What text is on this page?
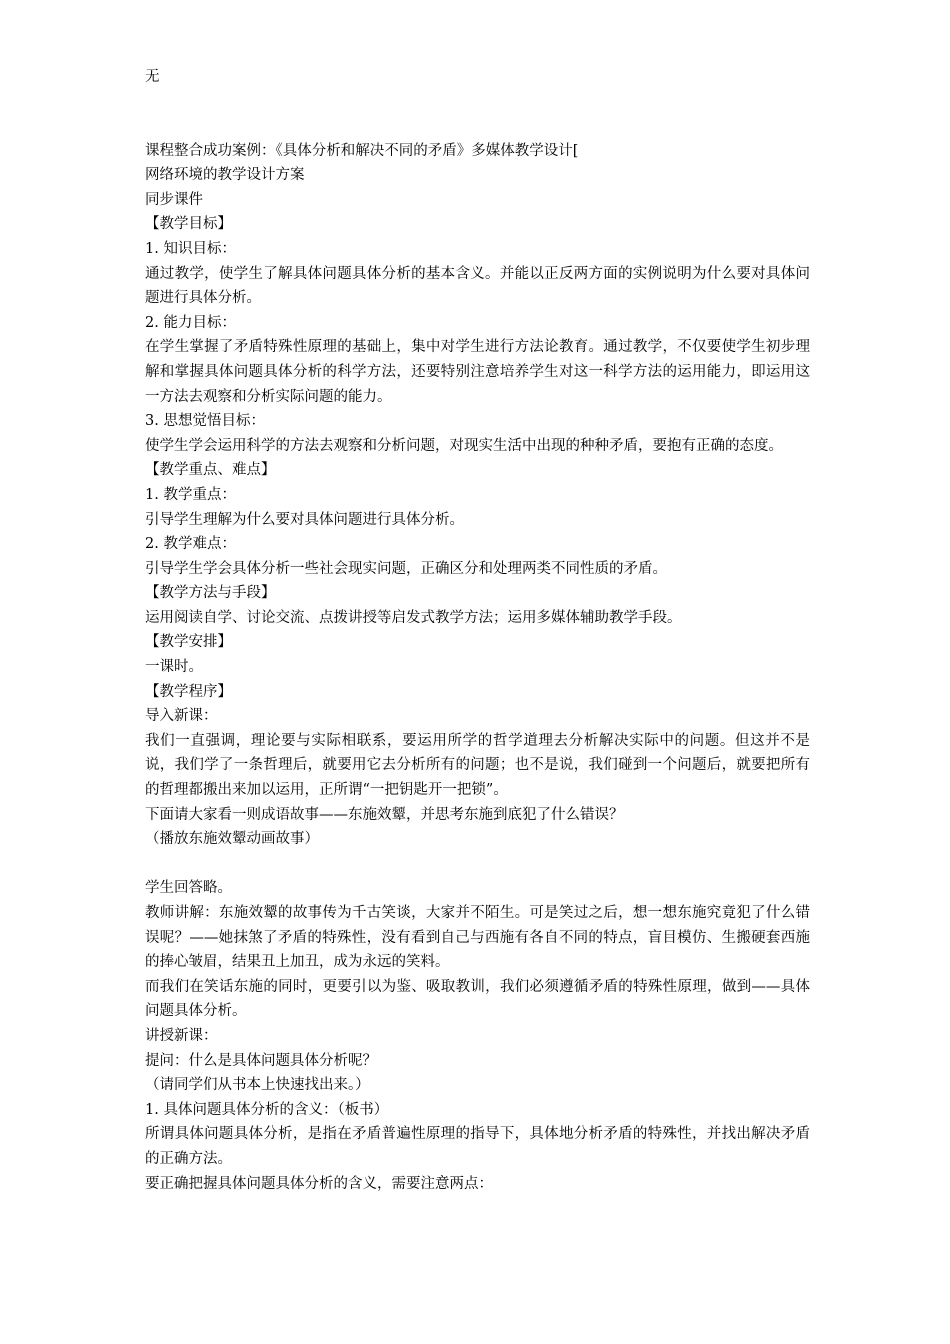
无
课程整合成功案例：《具体分析和解决不同的矛盾》多媒体教学设计[
网络环境的教学设计方案
同步课件

【教学目标】

1. 知识目标：

通过教学，使学生了解具体问题具体分析的基本含义。并能以正反两方面的实例说明为什么要对具体问题进行具体分析。

2. 能力目标：

在学生掌握了矛盾特殊性原理的基础上，集中对学生进行方法论教育。通过教学，不仅要使学生初步理解和掌握具体问题具体分析的科学方法，还要特别注意培养学生对这一科学方法的运用能力，即运用这一方法去观察和分析实际问题的能力。

3. 思想觉悟目标：

使学生学会运用科学的方法去观察和分析问题，对现实生活中出现的种种矛盾，要抱有正确的态度。

【教学重点、难点】

1. 教学重点：

引导学生理解为什么要对具体问题进行具体分析。

2. 教学难点：

引导学生学会具体分析一些社会现实问题，正确区分和处理两类不同性质的矛盾。

【教学方法与手段】

运用阅读自学、讨论交流、点拨讲授等启发式教学方法；运用多媒体辅助教学手段。

【教学安排】

一课时。

【教学程序】

导入新课：

我们一直强调，理论要与实际相联系，要运用所学的哲学道理去分析解决实际中的问题。但这并不是说，我们学了一条哲理后，就要用它去分析所有的问题；也不是说，我们碰到一个问题后，就要把所有的哲理都搬出来加以运用，正所谓“一把钥匙开一把锁”。

下面请大家看一则成语故事——东施效颦，并思考东施到底犯了什么错误？

（播放东施效颦动画故事）

学生回答略。

教师讲解：东施效颦的故事传为千古笑谈，大家并不陌生。可是笑过之后，想一想东施究竟犯了什么错误呢？——她抹煞了矛盾的特殊性，没有看到自己与西施有各自不同的特点，盲目模仿、生搬硬套西施的捧心皱眉，结果丑上加丑，成为永远的笑料。

而我们在笑话东施的同时，更要引以为鉴、吸取教训，我们必须遵循矛盾的特殊性原理，做到——具体问题具体分析。

讲授新课：

提问：什么是具体问题具体分析呢？

（请同学们从书本上快速找出来。）

1. 具体问题具体分析的含义：（板书）

所谓具体问题具体分析，是指在矛盾普遍性原理的指导下，具体地分析矛盾的特殊性，并找出解决矛盾的正确方法。

要正确把握具体问题具体分析的含义，需要注意两点：
